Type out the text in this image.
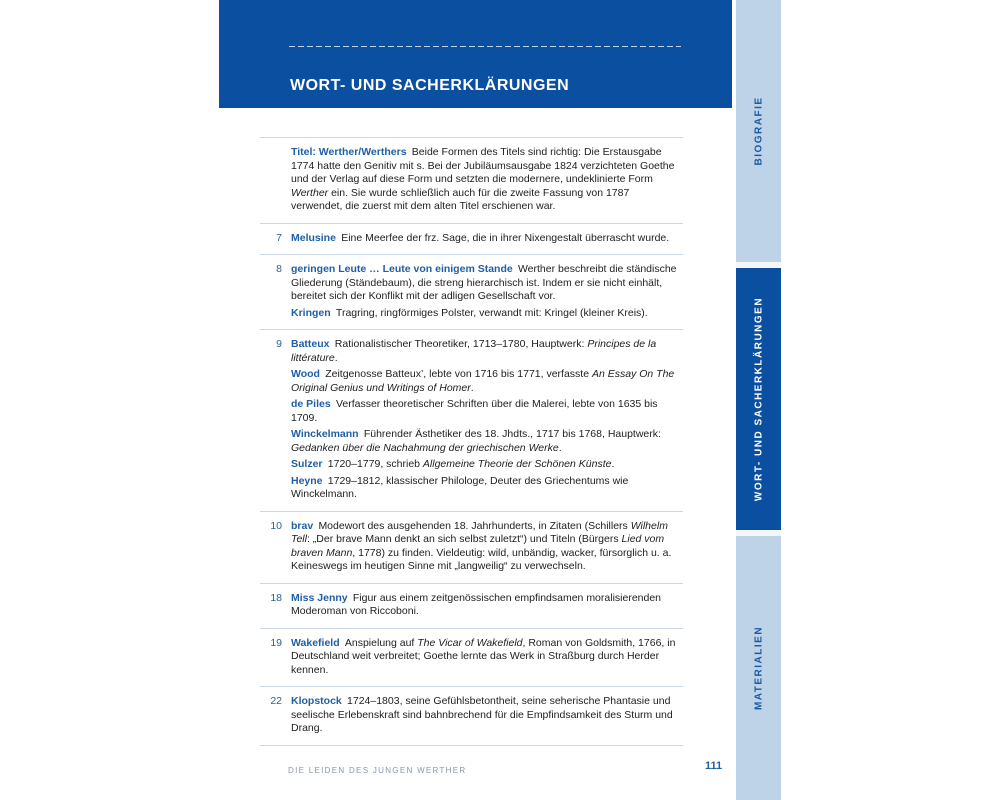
WORT- UND SACHERKLÄRUNGEN

Titel: Werther/Werthers  Beide Formen des Titels sind richtig: Die Erstausgabe 1774 hatte den Genitiv mit s. Bei der Jubiläumsausgabe 1824 verzichteten Goethe und der Verlag auf diese Form und setzten die modernere, undeklinierte Form Werther ein. Sie wurde schließlich auch für die zweite Fassung von 1787 verwendet, die zuerst mit dem alten Titel erschienen war.

7 Melusine  Eine Meerfee der frz. Sage, die in ihrer Nixengestalt überrascht wurde.

8 geringen Leute … Leute von einigem Stande  Werther beschreibt die ständische Gliederung (Ständebaum), die streng hierarchisch ist. Indem er sie nicht einhält, bereitet sich der Konflikt mit der adligen Gesellschaft vor.

Kringen  Tragring, ringförmiges Polster, verwandt mit: Kringel (kleiner Kreis).

9 Batteux  Rationalistischer Theoretiker, 1713–1780, Hauptwerk: Principes de la littérature.

Wood  Zeitgenosse Batteux’, lebte von 1716 bis 1771, verfasste An Essay On The Original Genius und Writings of Homer.

de Piles  Verfasser theoretischer Schriften über die Malerei, lebte von 1635 bis 1709.

Winckelmann  Führender Ästhetiker des 18. Jhdts., 1717 bis 1768, Hauptwerk: Gedanken über die Nachahmung der griechischen Werke.

Sulzer  1720–1779, schrieb Allgemeine Theorie der Schönen Künste.

Heyne  1729–1812, klassischer Philologe, Deuter des Griechentums wie Winckelmann.

10 brav  Modewort des ausgehenden 18. Jahrhunderts, in Zitaten (Schillers Wilhelm Tell: „Der brave Mann denkt an sich selbst zuletzt“) und Titeln (Bürgers Lied vom braven Mann, 1778) zu finden. Vieldeutig: wild, unbändig, wacker, fürsorglich u. a. Keineswegs im heutigen Sinne mit „langweilig“ zu verwechseln.

18 Miss Jenny  Figur aus einem zeitgenössischen empfindsamen moralisierenden Moderoman von Riccoboni.

19 Wakefield  Anspielung auf The Vicar of Wakefield, Roman von Goldsmith, 1766, in Deutschland weit verbreitet; Goethe lernte das Werk in Straßburg durch Herder kennen.

22 Klopstock  1724–1803, seine Gefühlsbetontheit, seine seherische Phantasie und seelische Erlebenskraft sind bahnbrechend für die Empfindsamkeit des Sturm und Drang.

DIE LEIDEN DES JUNGEN WERTHER	111
BIOGRAFIE
WORT- UND SACHERKLÄRUNGEN
MATERIALIEN
